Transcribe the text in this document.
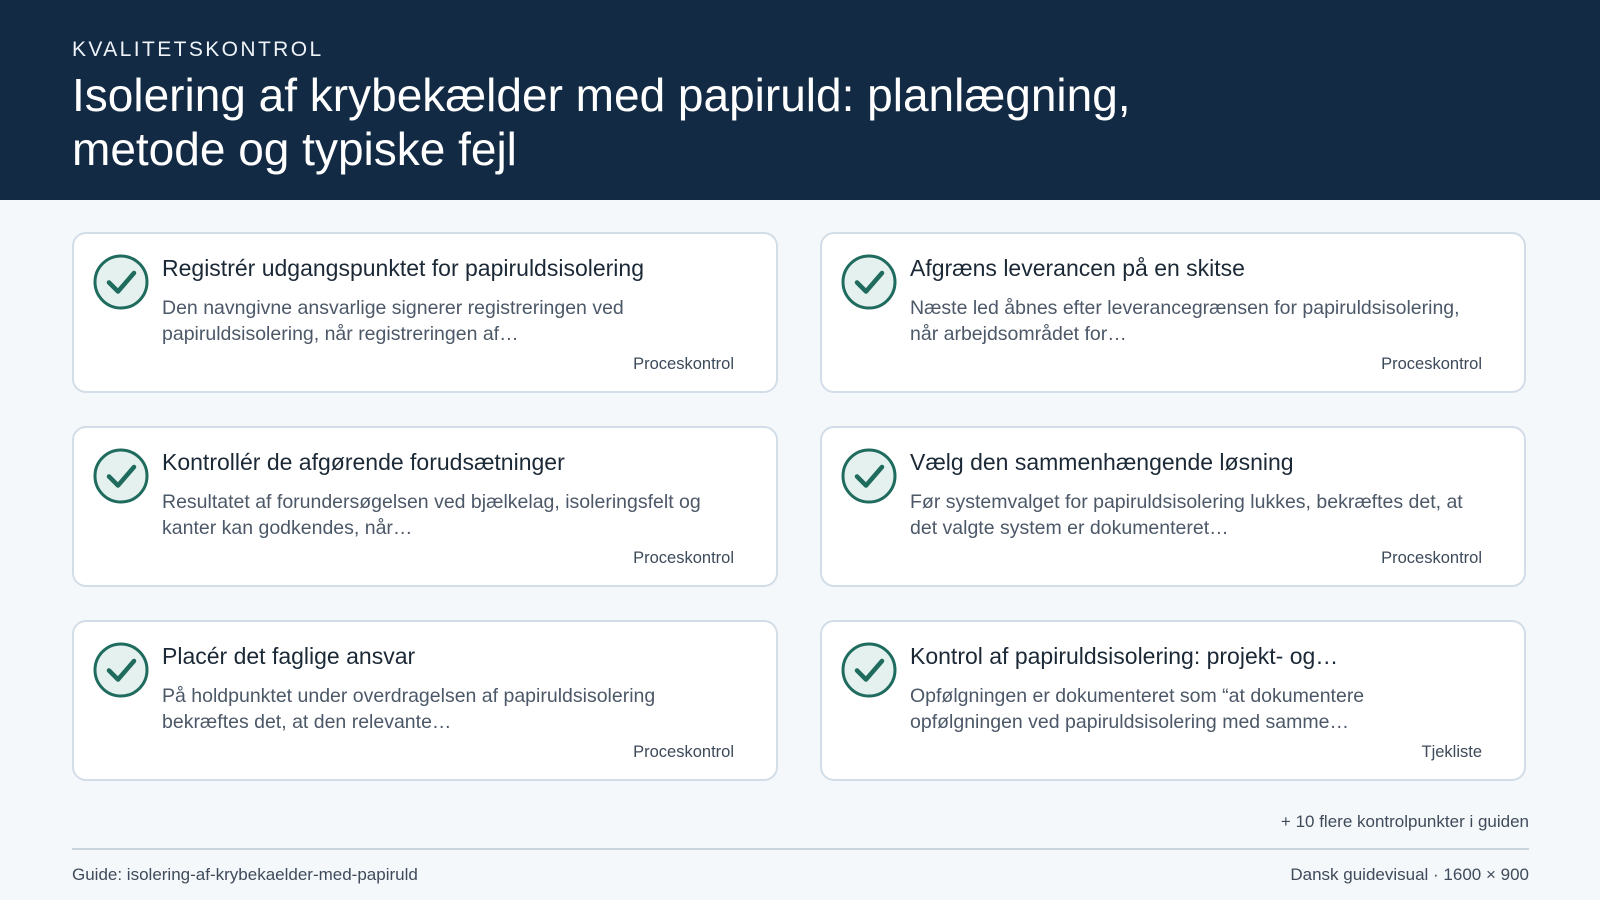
KVALITETSKONTROL
Isolering af krybekælder med papiruld: planlægning, metode og typiske fejl
Registrér udgangspunktet for papiruldsisolering
Den navngivne ansvarlige signerer registreringen ved papiruldsisolering, når registreringen af…
Proceskontrol
Afgræns leverancen på en skitse
Næste led åbnes efter leverancegrænsen for papiruldsisolering, når arbejdsområdet for…
Proceskontrol
Kontrollér de afgørende forudsætninger
Resultatet af forundersøgelsen ved bjælkelag, isoleringsfelt og kanter kan godkendes, når…
Proceskontrol
Vælg den sammenhængende løsning
Før systemvalget for papiruldsisolering lukkes, bekræftes det, at det valgte system er dokumenteret…
Proceskontrol
Placér det faglige ansvar
På holdpunktet under overdragelsen af papiruldsisolering bekræftes det, at den relevante…
Proceskontrol
Kontrol af papiruldsisolering: projekt- og…
Opfølgningen er dokumenteret som “at dokumentere opfølgningen ved papiruldsisolering med samme…
Tjekliste
+ 10 flere kontrolpunkter i guiden
Guide: isolering-af-krybekaelder-med-papiruld	Dansk guidevisual · 1600 × 900
